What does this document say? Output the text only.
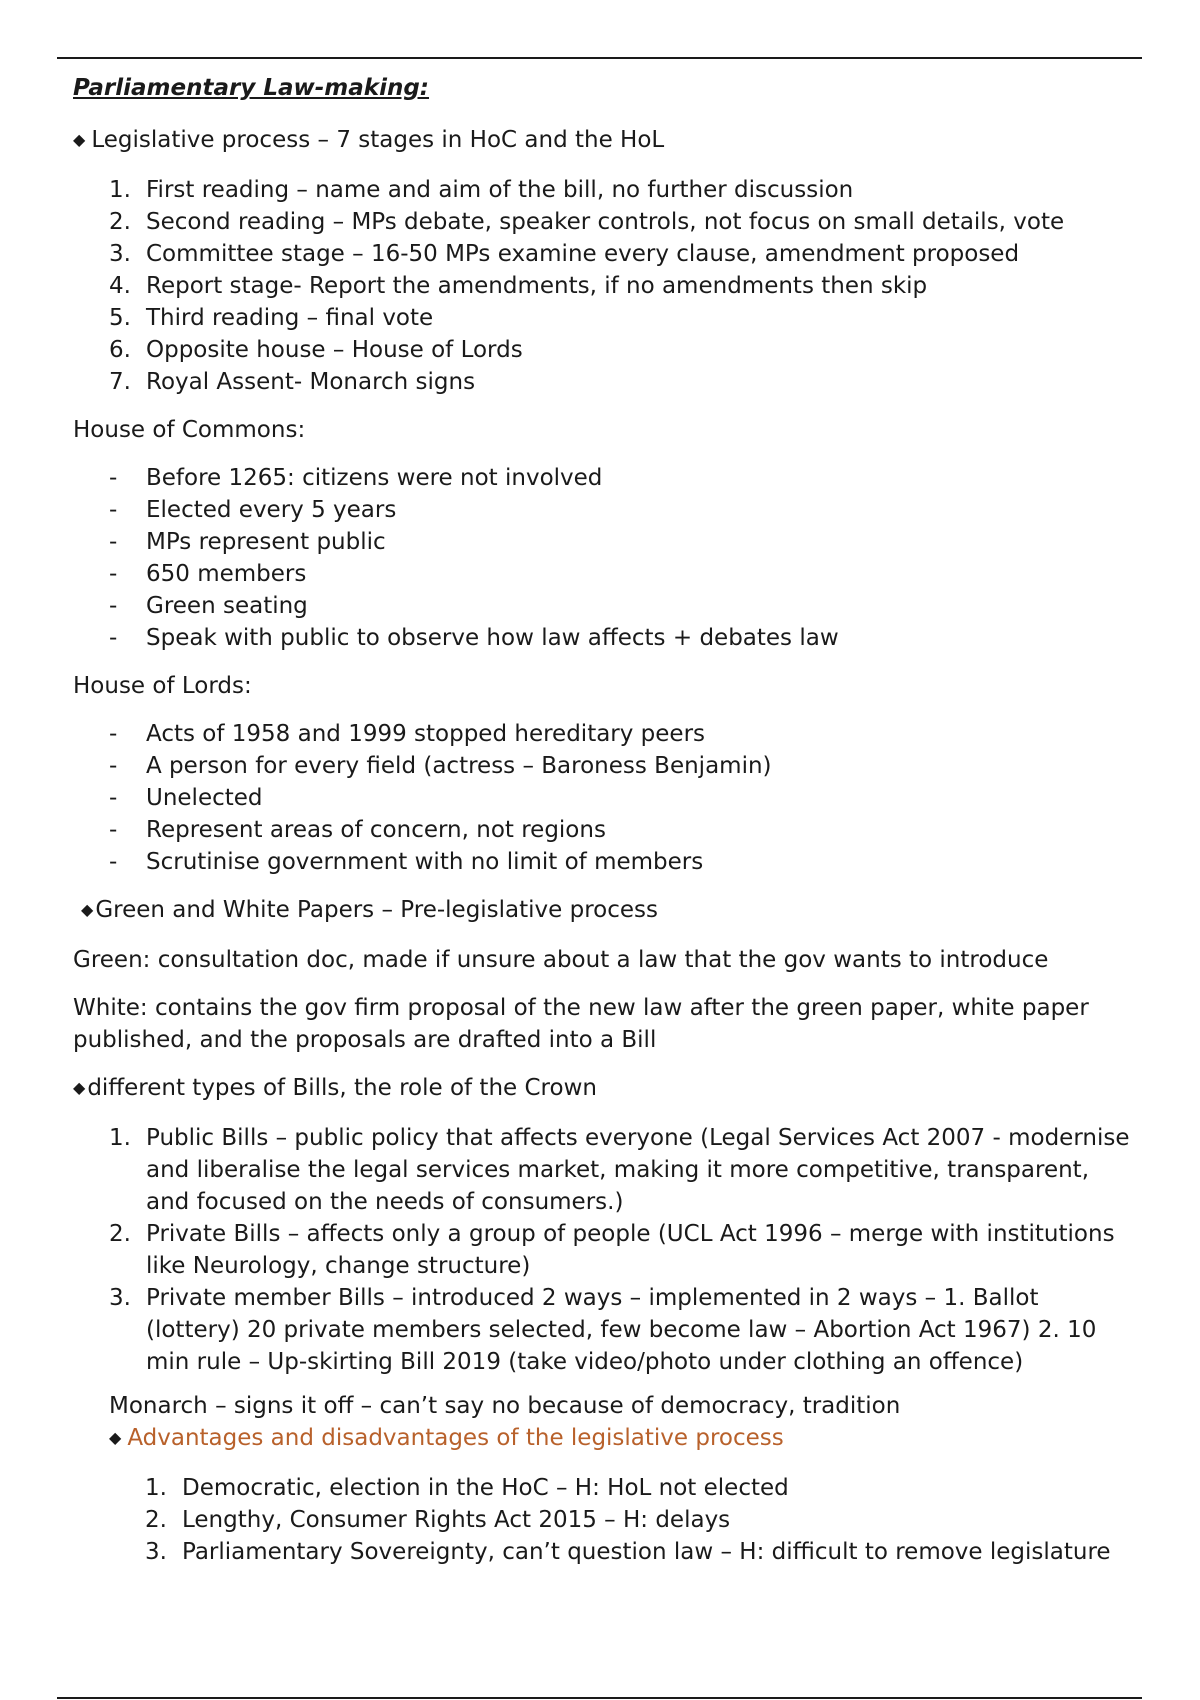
Parliamentary Law-making:
◆ Legislative process – 7 stages in HoC and the HoL
1. First reading – name and aim of the bill, no further discussion
2. Second reading – MPs debate, speaker controls, not focus on small details, vote
3. Committee stage – 16-50 MPs examine every clause, amendment proposed
4. Report stage- Report the amendments, if no amendments then skip
5. Third reading – final vote
6. Opposite house – House of Lords
7. Royal Assent- Monarch signs
House of Commons:
-	Before 1265: citizens were not involved
-	Elected every 5 years
-	MPs represent public
-	650 members
-	Green seating
-	Speak with public to observe how law affects + debates law
House of Lords:
-	Acts of 1958 and 1999 stopped hereditary peers
-	A person for every field (actress – Baroness Benjamin)
-	Unelected
-	Represent areas of concern, not regions
-	Scrutinise government with no limit of members
◆Green and White Papers – Pre-legislative process
Green: consultation doc, made if unsure about a law that the gov wants to introduce
White: contains the gov firm proposal of the new law after the green paper, white paper published, and the proposals are drafted into a Bill
◆different types of Bills, the role of the Crown
1. Public Bills – public policy that affects everyone (Legal Services Act 2007 - modernise and liberalise the legal services market, making it more competitive, transparent, and focused on the needs of consumers.)
2. Private Bills – affects only a group of people (UCL Act 1996 – merge with institutions like Neurology, change structure)
3. Private member Bills – introduced 2 ways – implemented in 2 ways – 1. Ballot (lottery) 20 private members selected, few become law – Abortion Act 1967) 2. 10 min rule – Up-skirting Bill 2019 (take video/photo under clothing an offence)
Monarch – signs it off – can’t say no because of democracy, tradition
◆ Advantages and disadvantages of the legislative process
1. Democratic, election in the HoC – H: HoL not elected
2. Lengthy, Consumer Rights Act 2015 – H: delays
3. Parliamentary Sovereignty, can’t question law – H: difficult to remove legislature
